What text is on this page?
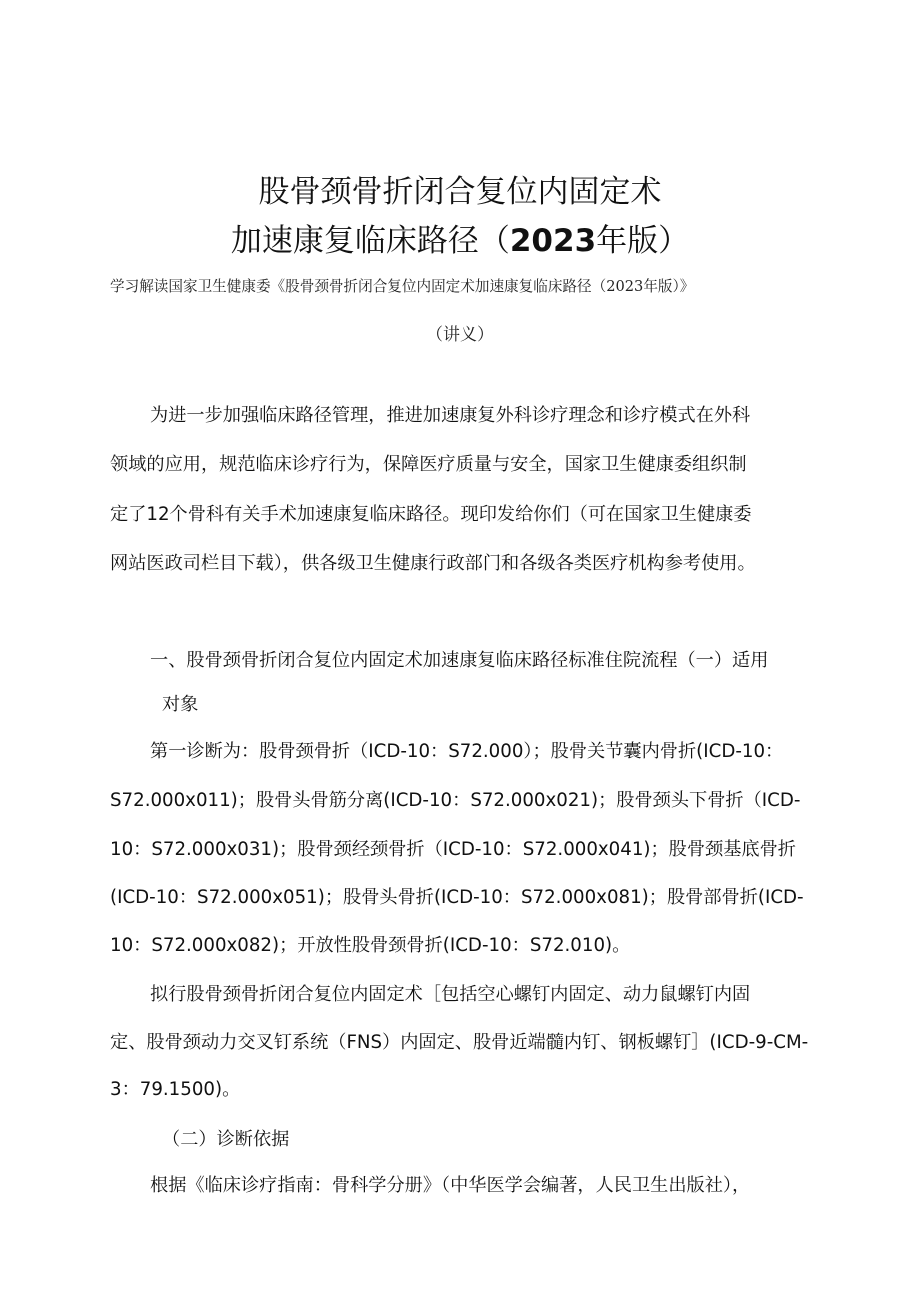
股骨颈骨折闭合复位内固定术
加速康复临床路径（2023年版）
学习解读国家卫生健康委《股骨颈骨折闭合复位内固定术加速康复临床路径（2023年版）》
（讲义）
为进一步加强临床路径管理，推进加速康复外科诊疗理念和诊疗模式在外科
领域的应用，规范临床诊疗行为，保障医疗质量与安全，国家卫生健康委组织制
定了12个骨科有关手术加速康复临床路径。现印发给你们（可在国家卫生健康委
网站医政司栏目下载），供各级卫生健康行政部门和各级各类医疗机构参考使用。
一、股骨颈骨折闭合复位内固定术加速康复临床路径标准住院流程（一）适用
对象
第一诊断为：股骨颈骨折（ICD-10：S72.000）；股骨关节囊内骨折(ICD-10：
S72.000x011)；股骨头骨筋分离(ICD-10：S72.000x021)；股骨颈头下骨折（ICD-
10：S72.000x031)；股骨颈经颈骨折（ICD-10：S72.000x041)；股骨颈基底骨折
(ICD-10：S72.000x051)；股骨头骨折(ICD-10：S72.000x081)；股骨部骨折(ICD-
10：S72.000x082)；开放性股骨颈骨折(ICD-10：S72.010)。
拟行股骨颈骨折闭合复位内固定术［包括空心螺钉内固定、动力鼠螺钉内固
定、股骨颈动力交叉钉系统（FNS）内固定、股骨近端髓内钉、钢板螺钉］(ICD-9-CM-
3：79.1500)。
（二）诊断依据
根据《临床诊疗指南：骨科学分册》（中华医学会编著，人民卫生出版社），
